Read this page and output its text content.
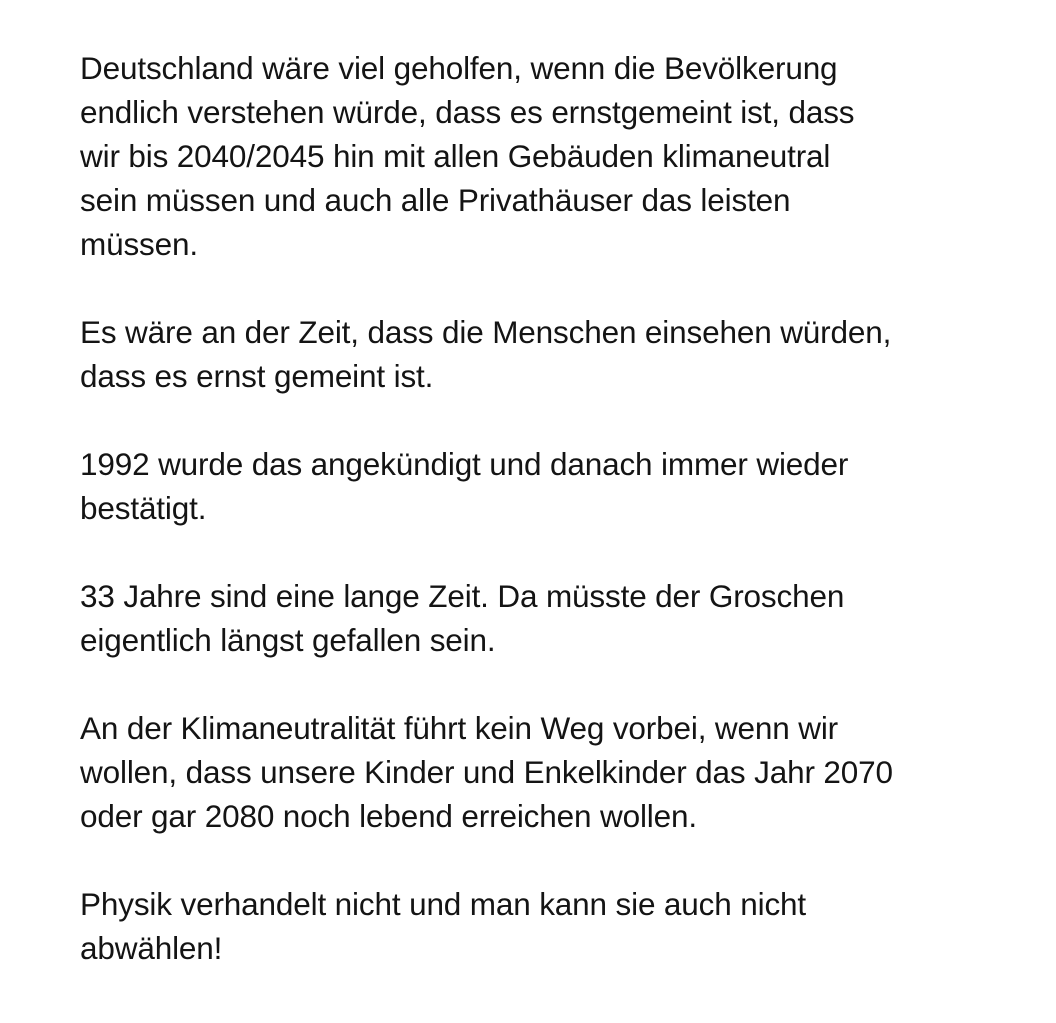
Deutschland wäre viel geholfen, wenn die Bevölkerung
endlich verstehen würde, dass es ernstgemeint ist, dass
wir bis 2040/2045 hin mit allen Gebäuden klimaneutral
sein müssen und auch alle Privathäuser das leisten
müssen.

Es wäre an der Zeit, dass die Menschen einsehen würden,
dass es ernst gemeint ist.

1992 wurde das angekündigt und danach immer wieder
bestätigt.

33 Jahre sind eine lange Zeit. Da müsste der Groschen
eigentlich längst gefallen sein.

An der Klimaneutralität führt kein Weg vorbei, wenn wir
wollen, dass unsere Kinder und Enkelkinder das Jahr 2070
oder gar 2080 noch lebend erreichen wollen.

Physik verhandelt nicht und man kann sie auch nicht
abwählen!
